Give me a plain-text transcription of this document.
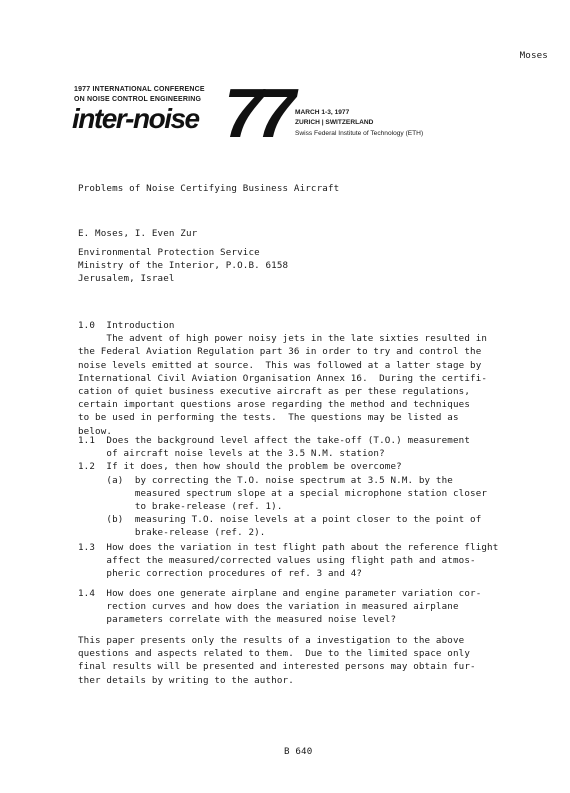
Moses
1977 INTERNATIONAL CONFERENCE
ON NOISE CONTROL ENGINEERING
inter-noise 77 MARCH 1-3, 1977
ZURICH | SWITZERLAND
Swiss Federal Institute of Technology (ETH)
Problems of Noise Certifying Business Aircraft
E. Moses, I. Even Zur
Environmental Protection Service
Ministry of the Interior, P.O.B. 6158
Jerusalem, Israel
1.0  Introduction
The advent of high power noisy jets in the late sixties resulted in
the Federal Aviation Regulation part 36 in order to try and control the
noise levels emitted at source.  This was followed at a latter stage by
International Civil Aviation Organisation Annex 16.  During the certifi-
cation of quiet business executive aircraft as per these regulations,
certain important questions arose regarding the method and techniques
to be used in performing the tests.  The questions may be listed as
below.
1.1  Does the background level affect the take-off (T.O.) measurement
of aircraft noise levels at the 3.5 N.M. station?
1.2  If it does, then how should the problem be overcome?
(a)  by correcting the T.O. noise spectrum at 3.5 N.M. by the
measured spectrum slope at a special microphone station closer
to brake-release (ref. 1).
(b)  measuring T.O. noise levels at a point closer to the point of
brake-release (ref. 2).
1.3  How does the variation in test flight path about the reference flight
affect the measured/corrected values using flight path and atmos-
pheric correction procedures of ref. 3 and 4?
1.4  How does one generate airplane and engine parameter variation cor-
rection curves and how does the variation in measured airplane
parameters correlate with the measured noise level?
This paper presents only the results of a investigation to the above
questions and aspects related to them.  Due to the limited space only
final results will be presented and interested persons may obtain fur-
ther details by writing to the author.
B 640
